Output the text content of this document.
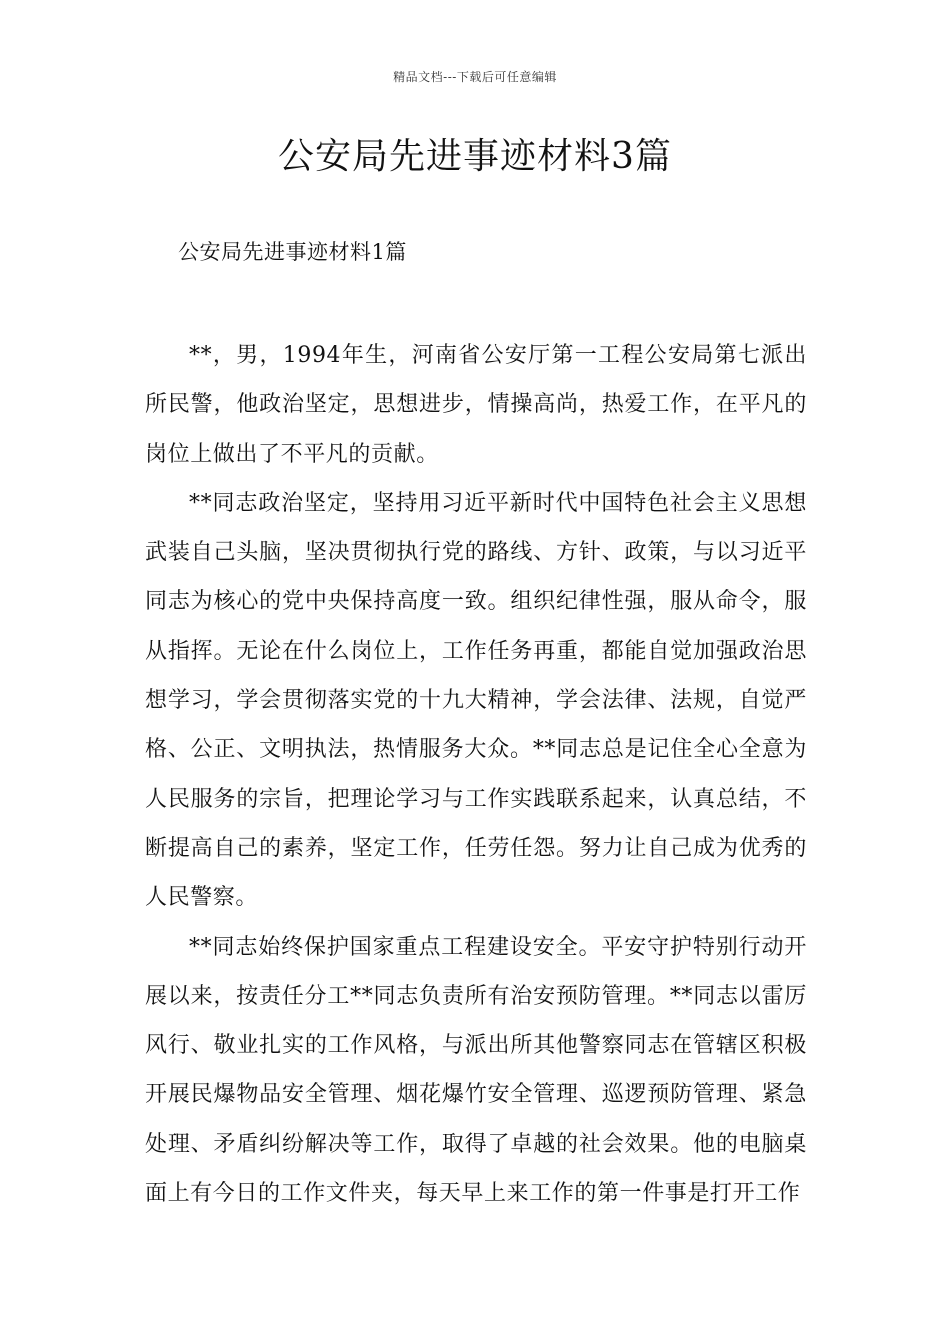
精品文档---下载后可任意编辑
公安局先进事迹材料3篇

公安局先进事迹材料1篇

**，男，1994年生，河南省公安厅第一工程公安局第七派出所民警，他政治坚定，思想进步，情操高尚，热爱工作，在平凡的岗位上做出了不平凡的贡献。

**同志政治坚定，坚持用习近平新时代中国特色社会主义思想武装自己头脑，坚决贯彻执行党的路线、方针、政策，与以习近平同志为核心的党中央保持高度一致。组织纪律性强，服从命令，服从指挥。无论在什么岗位上，工作任务再重，都能自觉加强政治思想学习，学会贯彻落实党的十九大精神，学会法律、法规，自觉严格、公正、文明执法，热情服务大众。**同志总是记住全心全意为人民服务的宗旨，把理论学习与工作实践联系起来，认真总结，不断提高自己的素养，坚定工作，任劳任怨。努力让自己成为优秀的人民警察。

**同志始终保护国家重点工程建设安全。平安守护特别行动开展以来，按责任分工**同志负责所有治安预防管理。**同志以雷厉风行、敬业扎实的工作风格，与派出所其他警察同志在管辖区积极开展民爆物品安全管理、烟花爆竹安全管理、巡逻预防管理、紧急处理、矛盾纠纷解决等工作，取得了卓越的社会效果。他的电脑桌面上有今日的工作文件夹，每天早上来工作的第一件事是打开工作
